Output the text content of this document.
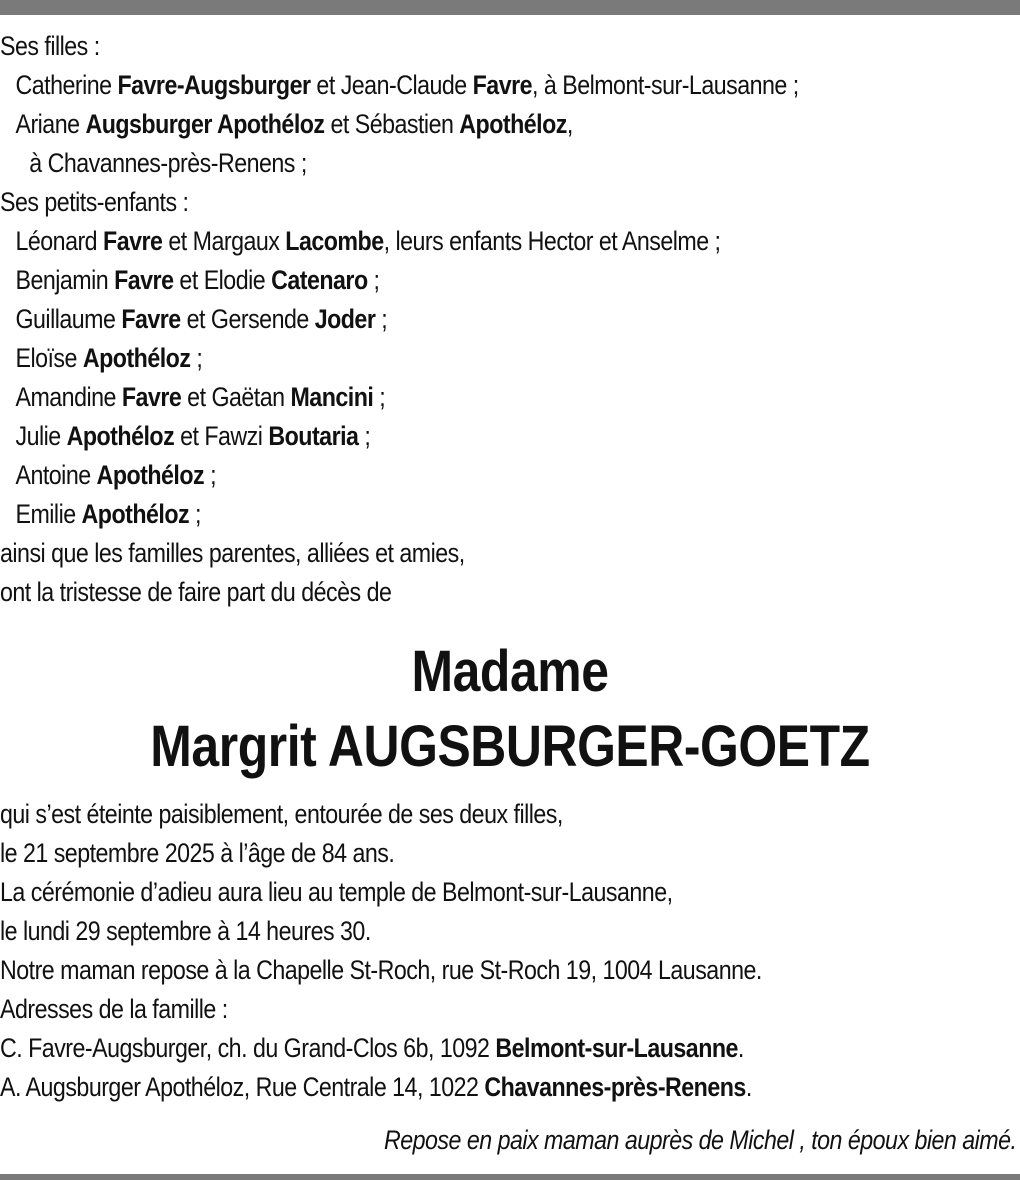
Ses filles :
Catherine Favre-Augsburger et Jean-Claude Favre, à Belmont-sur-Lausanne ;
Ariane Augsburger Apothéloz et Sébastien Apothéloz,
à Chavannes-près-Renens ;
Ses petits-enfants :
Léonard Favre et Margaux Lacombe, leurs enfants Hector et Anselme ;
Benjamin Favre et Elodie Catenaro ;
Guillaume Favre et Gersende Joder ;
Eloïse Apothéloz ;
Amandine Favre et Gaëtan Mancini ;
Julie Apothéloz et Fawzi Boutaria ;
Antoine Apothéloz ;
Emilie Apothéloz ;
ainsi que les familles parentes, alliées et amies,
ont la tristesse de faire part du décès de
Madame
Margrit AUGSBURGER-GOETZ
qui s’est éteinte paisiblement, entourée de ses deux filles,
le 21 septembre 2025 à l’âge de 84 ans.
La cérémonie d’adieu aura lieu au temple de Belmont-sur-Lausanne,
le lundi 29 septembre à 14 heures 30.
Notre maman repose à la Chapelle St-Roch, rue St-Roch 19, 1004 Lausanne.
Adresses de la famille :
C. Favre-Augsburger, ch. du Grand-Clos 6b, 1092 Belmont-sur-Lausanne.
A. Augsburger Apothéloz, Rue Centrale 14, 1022 Chavannes-près-Renens.
Repose en paix maman auprès de Michel , ton époux bien aimé.
